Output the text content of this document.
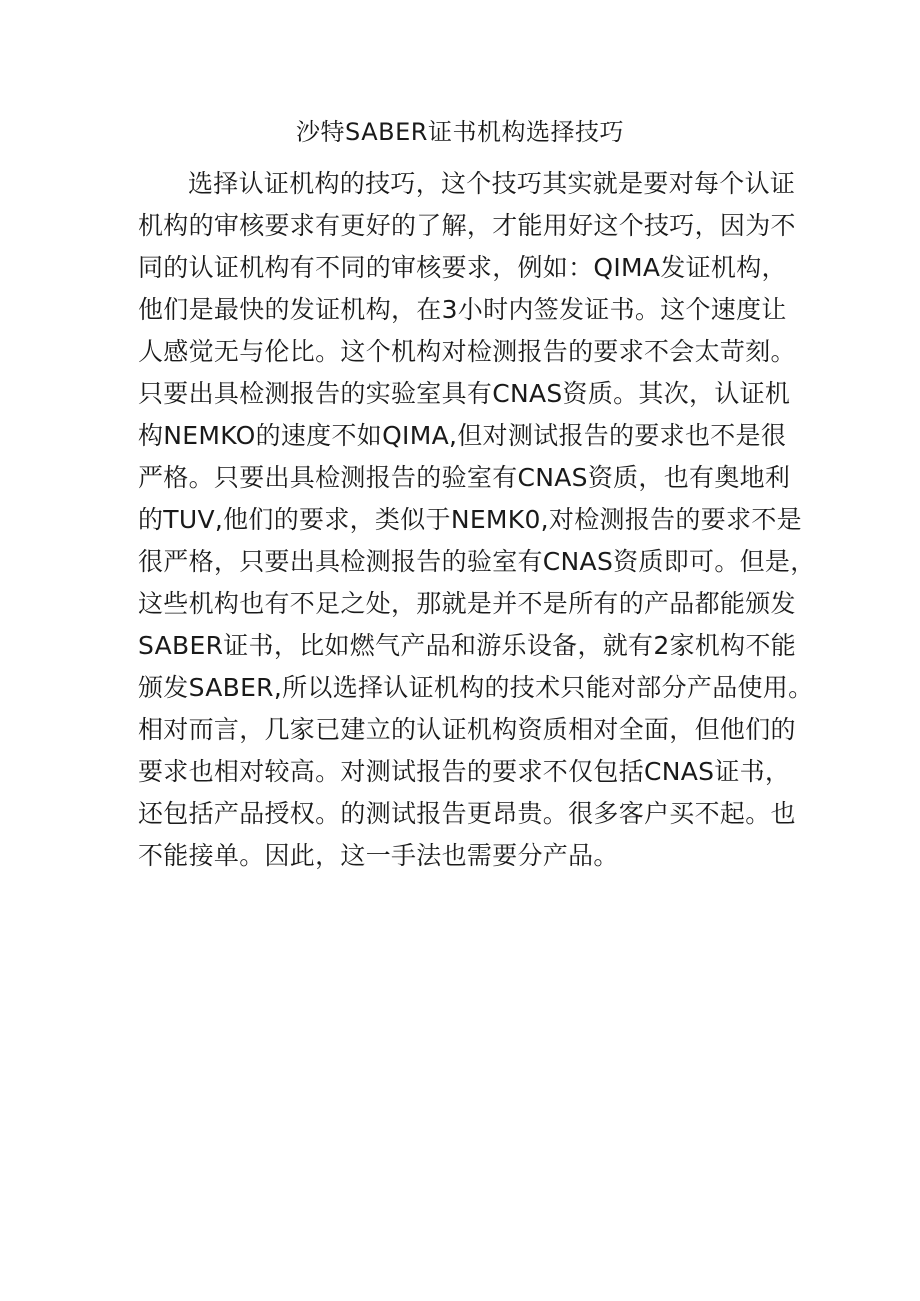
沙特SABER证书机构选择技巧
选择认证机构的技巧，这个技巧其实就是要对每个认证
机构的审核要求有更好的了解，才能用好这个技巧，因为不
同的认证机构有不同的审核要求，例如：QIMA发证机构，
他们是最快的发证机构，在3小时内签发证书。这个速度让
人感觉无与伦比。这个机构对检测报告的要求不会太苛刻。
只要出具检测报告的实验室具有CNAS资质。其次，认证机
构NEMKO的速度不如QIMA,但对测试报告的要求也不是很
严格。只要出具检测报告的验室有CNAS资质，也有奥地利
的TUV,他们的要求，类似于NEMK0,对检测报告的要求不是
很严格，只要出具检测报告的验室有CNAS资质即可。但是，
这些机构也有不足之处，那就是并不是所有的产品都能颁发
SABER证书，比如燃气产品和游乐设备，就有2家机构不能
颁发SABER,所以选择认证机构的技术只能对部分产品使用。
相对而言，几家已建立的认证机构资质相对全面，但他们的
要求也相对较高。对测试报告的要求不仅包括CNAS证书，
还包括产品授权。的测试报告更昂贵。很多客户买不起。也
不能接单。因此，这一手法也需要分产品。
